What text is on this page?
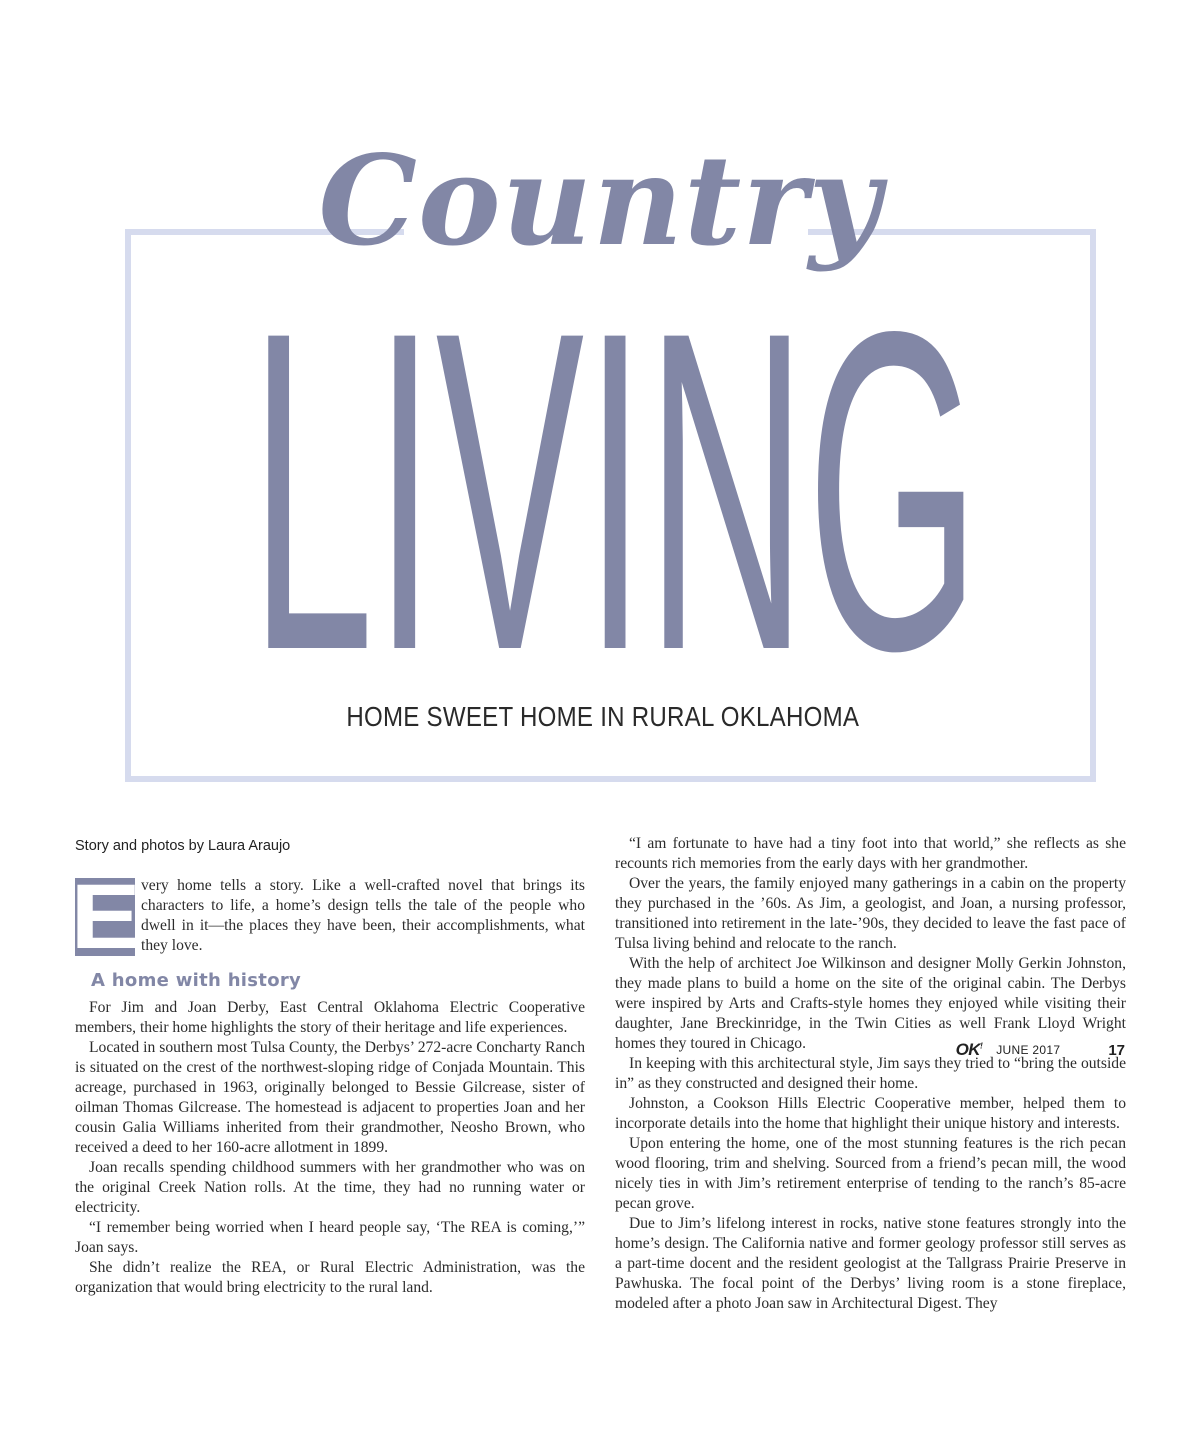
Country
LIVING
HOME SWEET HOME IN RURAL OKLAHOMA
Story and photos by Laura Araujo
E very home tells a story. Like a well-crafted novel that brings its characters to life, a home’s design tells the tale of the people who dwell in it—the places they have been, their accomplishments, what they love.

A home with history

For Jim and Joan Derby, East Central Oklahoma Electric Cooperative members, their home highlights the story of their heritage and life experiences.

Located in southern most Tulsa County, the Derbys’ 272-acre Concharty Ranch is situated on the crest of the northwest-sloping ridge of Conjada Mountain. This acreage, purchased in 1963, originally belonged to Bessie Gilcrease, sister of oilman Thomas Gilcrease. The homestead is adjacent to properties Joan and her cousin Galia Williams inherited from their grandmother, Neosho Brown, who received a deed to her 160-acre allotment in 1899.

Joan recalls spending childhood summers with her grandmother who was on the original Creek Nation rolls. At the time, they had no running water or electricity.

“I remember being worried when I heard people say, ‘The REA is coming,’” Joan says.

She didn’t realize the REA, or Rural Electric Administration, was the organization that would bring electricity to the rural land.

“I am fortunate to have had a tiny foot into that world,” she reflects as she recounts rich memories from the early days with her grandmother.

Over the years, the family enjoyed many gatherings in a cabin on the property they purchased in the ’60s. As Jim, a geologist, and Joan, a nursing professor, transitioned into retirement in the late-’90s, they decided to leave the fast pace of Tulsa living behind and relocate to the ranch.

With the help of architect Joe Wilkinson and designer Molly Gerkin Johnston, they made plans to build a home on the site of the original cabin. The Derbys were inspired by Arts and Crafts-style homes they enjoyed while visiting their daughter, Jane Breckinridge, in the Twin Cities as well Frank Lloyd Wright homes they toured in Chicago.

In keeping with this architectural style, Jim says they tried to “bring the outside in” as they constructed and designed their home.

Johnston, a Cookson Hills Electric Cooperative member, helped them to incorporate details into the home that highlight their unique history and interests.

Upon entering the home, one of the most stunning features is the rich pecan wood flooring, trim and shelving. Sourced from a friend’s pecan mill, the wood nicely ties in with Jim’s retirement enterprise of tending to the ranch’s 85-acre pecan grove.

Due to Jim’s lifelong interest in rocks, native stone features strongly into the home’s design. The California native and former geology professor still serves as a part-time docent and the resident geologist at the Tallgrass Prairie Preserve in Pawhuska. The focal point of the Derbys’ living room is a stone fireplace, modeled after a photo Joan saw in Architectural Digest. They

OK! JUNE 2017	17
